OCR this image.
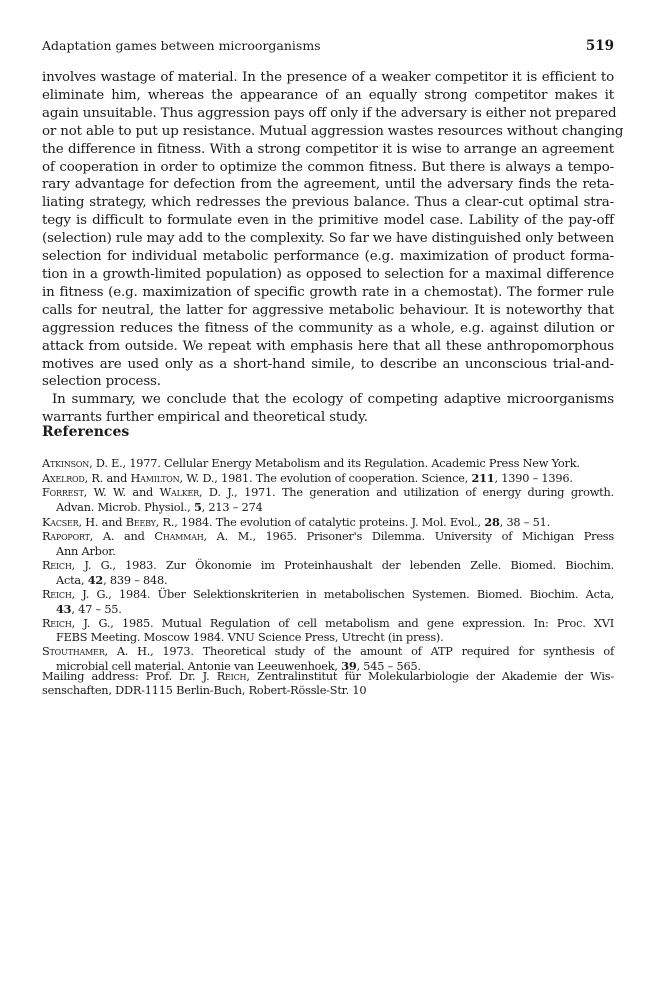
Adaptation games between microorganisms	519
involves wastage of material. In the presence of a weaker competitor it is efficient to
eliminate him, whereas the appearance of an equally strong competitor makes it
again unsuitable. Thus aggression pays off only if the adversary is either not prepared
or not able to put up resistance. Mutual aggression wastes resources without changing
the difference in fitness. With a strong competitor it is wise to arrange an agreement
of cooperation in order to optimize the common fitness. But there is always a tempo-
rary advantage for defection from the agreement, until the adversary finds the reta-
liating strategy, which redresses the previous balance. Thus a clear-cut optimal stra-
tegy is difficult to formulate even in the primitive model case. Lability of the pay-off
(selection) rule may add to the complexity. So far we have distinguished only between
selection for individual metabolic performance (e.g. maximization of product forma-
tion in a growth-limited population) as opposed to selection for a maximal difference
in fitness (e.g. maximization of specific growth rate in a chemostat). The former rule
calls for neutral, the latter for aggressive metabolic behaviour. It is noteworthy that
aggression reduces the fitness of the community as a whole, e.g. against dilution or
attack from outside. We repeat with emphasis here that all these anthropomorphous
motives are used only as a short-hand simile, to describe an unconscious trial-and-
selection process.
In summary, we conclude that the ecology of competing adaptive microorganisms
warrants further empirical and theoretical study.
References
Atkinson, D. E., 1977. Cellular Energy Metabolism and its Regulation. Academic Press New York.
Axelrod, R. and Hamilton, W. D., 1981. The evolution of cooperation. Science, 211, 1390 – 1396.
Forrest, W. W. and Walker, D. J., 1971. The generation and utilization of energy during growth.
Advan. Microb. Physiol., 5, 213 – 274
Kacser, H. and Beeby, R., 1984. The evolution of catalytic proteins. J. Mol. Evol., 28, 38 – 51.
Rapoport, A. and Chammah, A. M., 1965. Prisoner's Dilemma. University of Michigan Press
Ann Arbor.
Reich, J. G., 1983. Zur Ökonomie im Proteinhaushalt der lebenden Zelle. Biomed. Biochim.
Acta, 42, 839 – 848.
Reich, J. G., 1984. Über Selektionskriterien in metabolischen Systemen. Biomed. Biochim. Acta,
43, 47 – 55.
Reich, J. G., 1985. Mutual Regulation of cell metabolism and gene expression. In: Proc. XVI
FEBS Meeting. Moscow 1984. VNU Science Press, Utrecht (in press).
Stouthamer, A. H., 1973. Theoretical study of the amount of ATP required for synthesis of
microbial cell material. Antonie van Leeuwenhoek, 39, 545 – 565.
Mailing address: Prof. Dr. J. Reich, Zentralinstitut für Molekularbiologie der Akademie der Wis-
senschaften, DDR-1115 Berlin-Buch, Robert-Rössle-Str. 10
